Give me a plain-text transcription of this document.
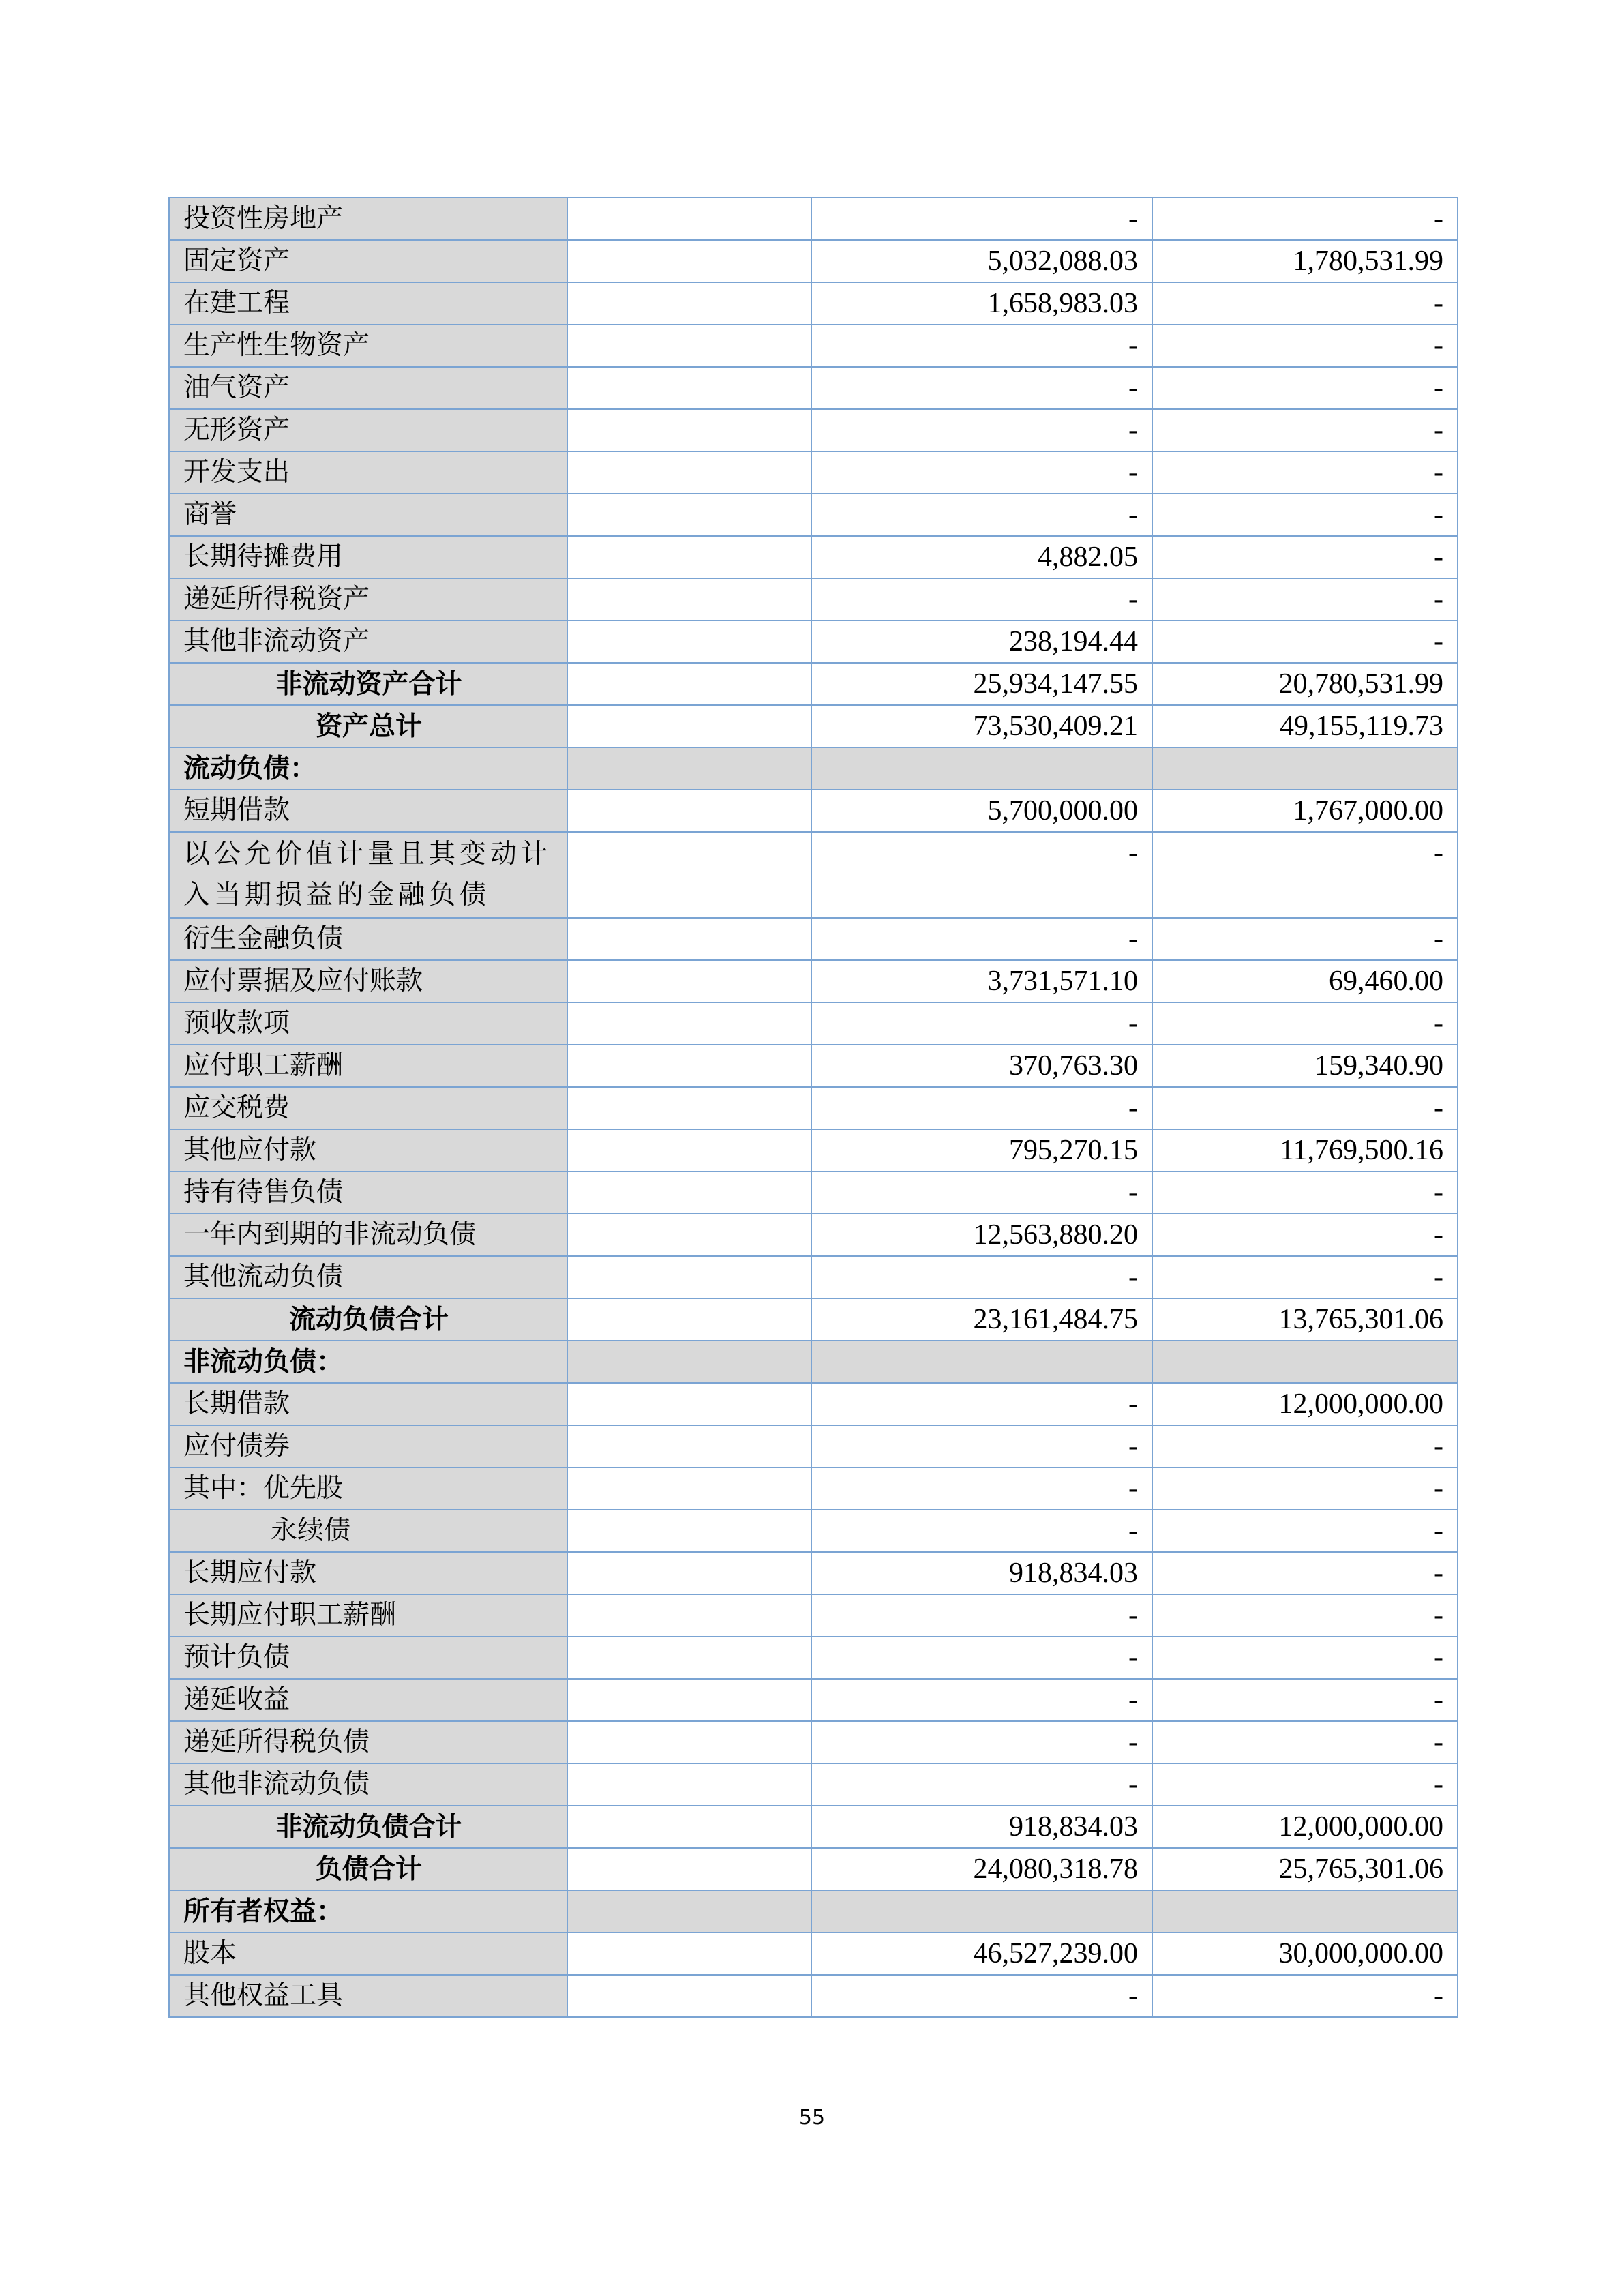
投资性房地产		-	-
固定资产		5,032,088.03	1,780,531.99
在建工程		1,658,983.03	-
生产性生物资产		-	-
油气资产		-	-
无形资产		-	-
开发支出		-	-
商誉		-	-
长期待摊费用		4,882.05	-
递延所得税资产		-	-
其他非流动资产		238,194.44	-
非流动资产合计		25,934,147.55	20,780,531.99
资产总计		73,530,409.21	49,155,119.73
流动负债：			
短期借款		5,700,000.00	1,767,000.00
以公允价值计量且其变动计入当期损益的金融负债		-	-
衍生金融负债		-	-
应付票据及应付账款		3,731,571.10	69,460.00
预收款项		-	-
应付职工薪酬		370,763.30	159,340.90
应交税费		-	-
其他应付款		795,270.15	11,769,500.16
持有待售负债		-	-
一年内到期的非流动负债		12,563,880.20	-
其他流动负债		-	-
流动负债合计		23,161,484.75	13,765,301.06
非流动负债：			
长期借款		-	12,000,000.00
应付债券		-	-
其中：优先股		-	-
永续债		-	-
长期应付款		918,834.03	-
长期应付职工薪酬		-	-
预计负债		-	-
递延收益		-	-
递延所得税负债		-	-
其他非流动负债		-	-
非流动负债合计		918,834.03	12,000,000.00
负债合计		24,080,318.78	25,765,301.06
所有者权益：			
股本		46,527,239.00	30,000,000.00
其他权益工具		-	-
55
